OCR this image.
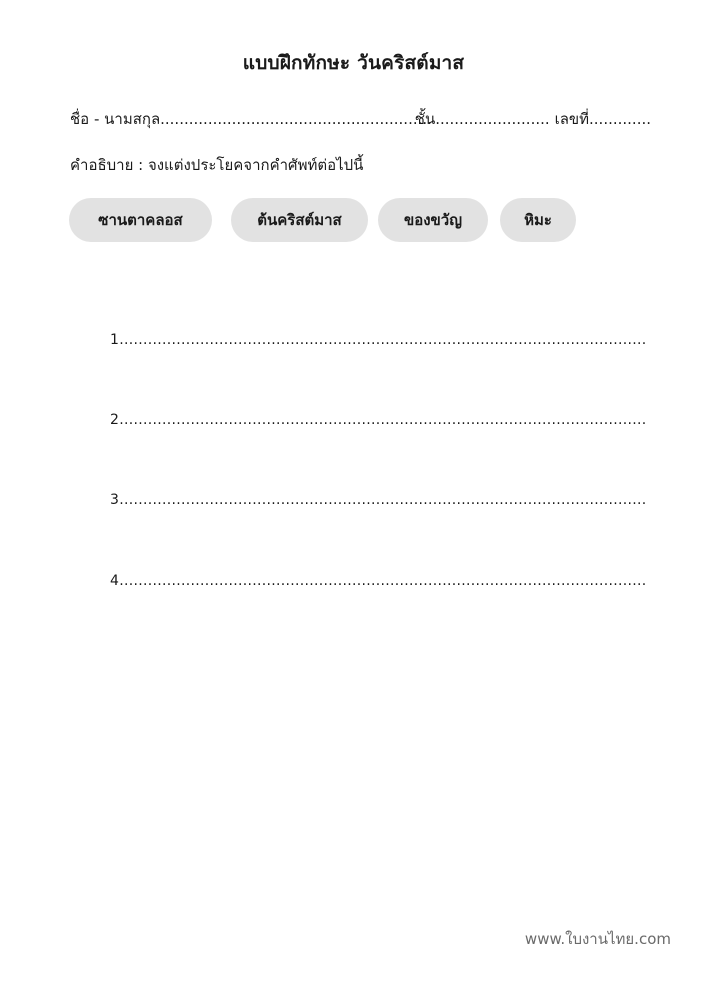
แบบฝึกทักษะ วันคริสต์มาส
ชื่อ - นามสกุล......................................................... ชั้น........................ เลขที่.............
คำอธิบาย : จงแต่งประโยคจากคำศัพท์ต่อไปนี้
ซานตาคลอส	ต้นคริสต์มาส	ของขวัญ	หิมะ
1...............................................................................................................
2...............................................................................................................
3...............................................................................................................
4...............................................................................................................
www.ใบงานไทย.com
